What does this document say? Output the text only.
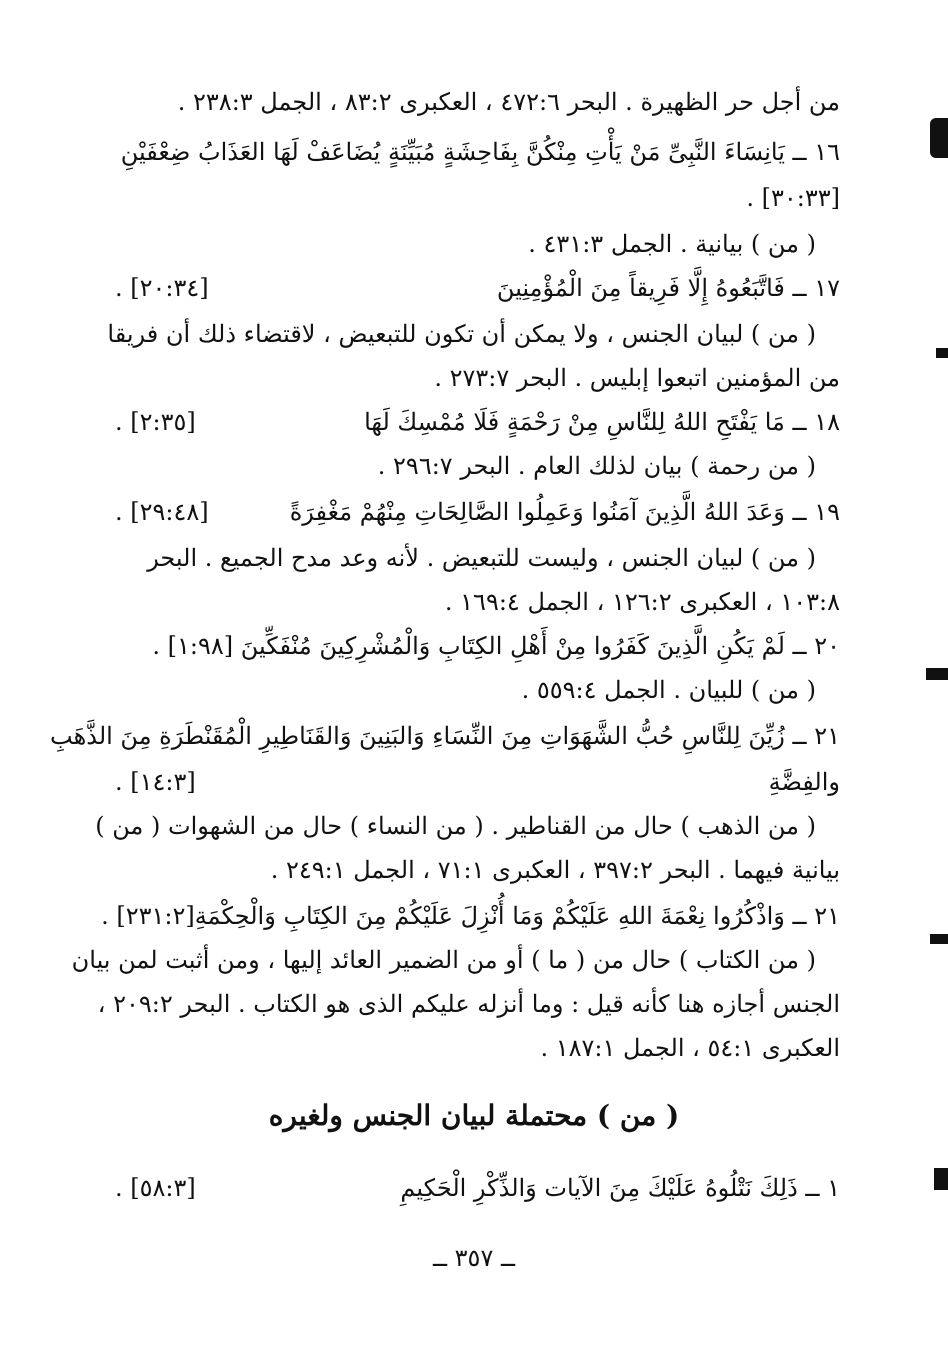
من أجل حر الظهيرة . البحر ٤٧٢:٦ ، العكبرى ٨٣:٢ ، الجمل ٢٣٨:٣ .
١٦ ــ يَانِسَاءَ النَّبِىِّ مَنْ يَأْتِ مِنْكُنَّ بِفَاحِشَةٍ مُبَيِّنَةٍ يُضَاعَفْ لَهَا العَذَابُ ضِعْفَيْنِ
[٣٠:٣٣] .
( من ) بيانية . الجمل ٤٣١:٣ .
١٧ ــ فَاتَّبَعُوهُ إِلَّا فَرِيقاً مِنَ الْمُؤْمِنِينَ
[٢٠:٣٤] .
( من ) لبيان الجنس ، ولا يمكن أن تكون للتبعيض ، لاقتضاء ذلك أن فريقا
من المؤمنين اتبعوا إبليس . البحر ٢٧٣:٧ .
١٨ ــ مَا يَفْتَحِ اللهُ لِلنَّاسِ مِنْ رَحْمَةٍ فَلَا مُمْسِكَ لَهَا
[٢:٣٥] .
( من رحمة ) بيان لذلك العام . البحر ٢٩٦:٧ .
١٩ ــ وَعَدَ اللهُ الَّذِينَ آمَنُوا وَعَمِلُوا الصَّالِحَاتِ مِنْهُمْ مَغْفِرَةً
[٢٩:٤٨] .
( من ) لبيان الجنس ، وليست للتبعيض . لأنه وعد مدح الجميع . البحر
١٠٣:٨ ، العكبرى ١٢٦:٢ ، الجمل ١٦٩:٤ .
٢٠ ــ لَمْ يَكُنِ الَّذِينَ كَفَرُوا مِنْ أَهْلِ الكِتَابِ وَالْمُشْرِكِينَ مُنْفَكِّينَ [١:٩٨] .
( من ) للبيان . الجمل ٥٥٩:٤ .
٢١ ــ زُيِّنَ لِلنَّاسِ حُبُّ الشَّهَوَاتِ مِنَ النِّسَاءِ وَالبَنِينَ وَالقَنَاطِيرِ الْمُقَنْطَرَةِ مِنَ الذَّهَبِ
والفِضَّةِ
[١٤:٣] .
( من الذهب ) حال من القناطير . ( من النساء ) حال من الشهوات ( من )
بيانية فيهما . البحر ٣٩٧:٢ ، العكبرى ٧١:١ ، الجمل ٢٤٩:١ .
٢١ ــ وَاذْكُرُوا نِعْمَةَ اللهِ عَلَيْكُمْ وَمَا أُنْزِلَ عَلَيْكُمْ مِنَ الكِتَابِ وَالْحِكْمَةِ[٢٣١:٢] .
( من الكتاب ) حال من ( ما ) أو من الضمير العائد إليها ، ومن أثبت لمن بيان
الجنس أجازه هنا كأنه قيل : وما أنزله عليكم الذى هو الكتاب . البحر ٢٠٩:٢ ،
العكبرى ٥٤:١ ، الجمل ١٨٧:١ .
( من ) محتملة لبيان الجنس ولغيره
١ ــ ذَلِكَ نَتْلُوهُ عَلَيْكَ مِنَ الآيات وَالذِّكْرِ الْحَكِيمِ
[٥٨:٣] .
ــ ٣٥٧ ــ
